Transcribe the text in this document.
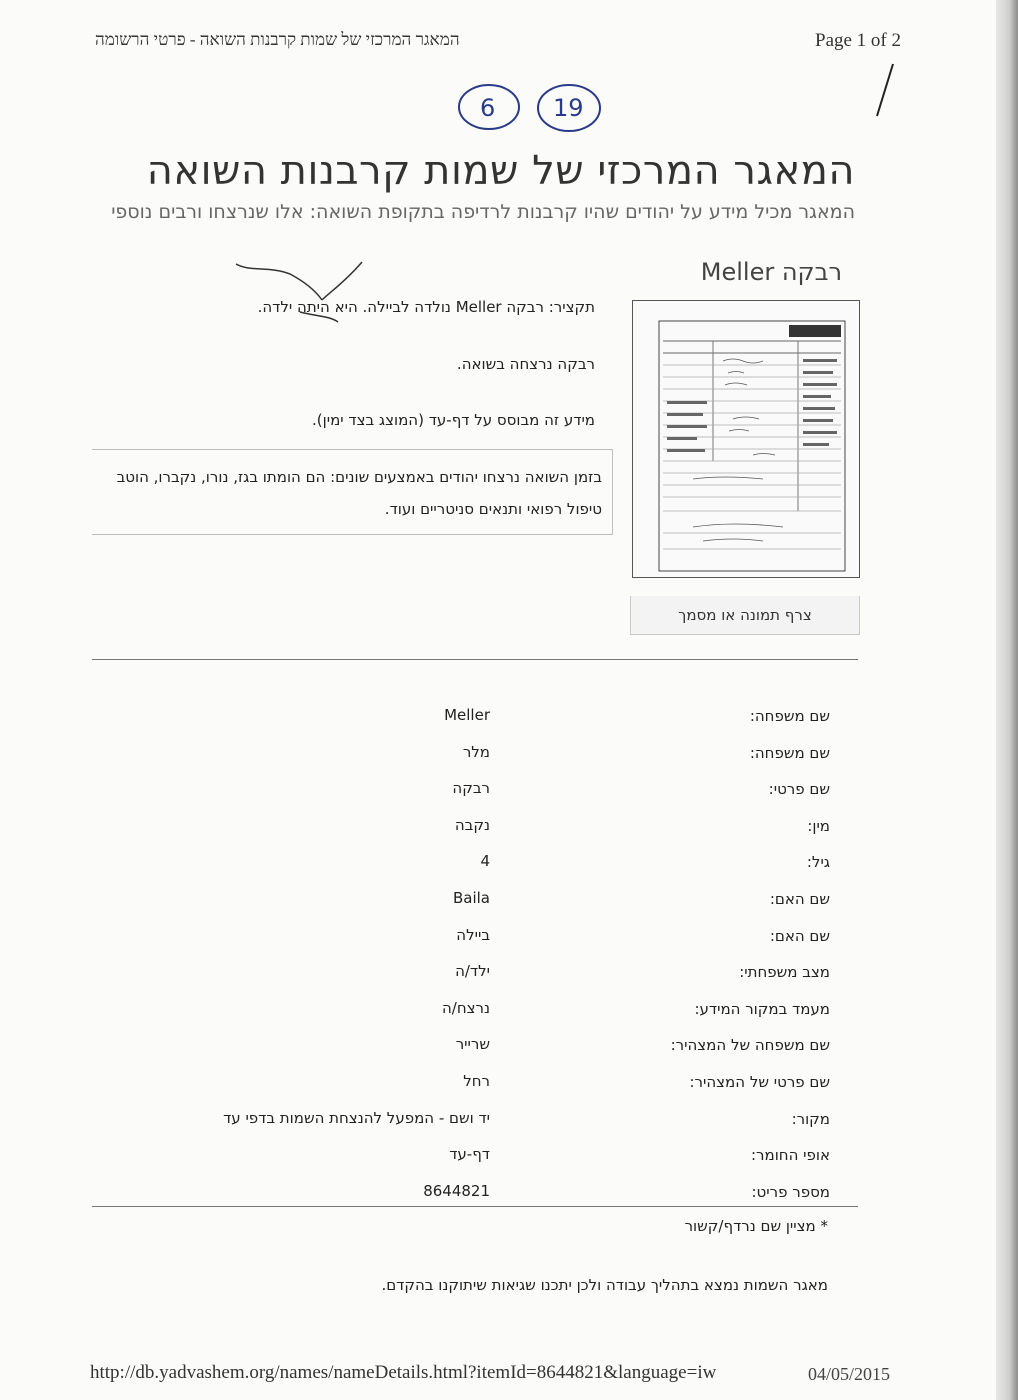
המאגר המרכזי של שמות קרבנות השואה - פרטי הרשומה	Page 1 of 2
6 19
המאגר המרכזי של שמות קרבנות השואה
המאגר מכיל מידע על יהודים שהיו קרבנות לרדיפה בתקופת השואה: אלו שנרצחו ורבים נוספי
רבקה Meller
תקציר: רבקה Meller נולדה לביילה. היא היתה ילדה.
רבקה נרצחה בשואה.
מידע זה מבוסס על דף-עד (המוצג בצד ימין).
בזמן השואה נרצחו יהודים באמצעים שונים: הם הומתו בגז, נורו, נקברו, הוטב
טיפול רפואי ותנאים סניטריים ועוד.
צרף תמונה או מסמך
שם משפחה:
Meller
שם משפחה:
מלר
שם פרטי:
רבקה
מין:
נקבה
גיל:
4
שם האם:
Baila
שם האם:
ביילה
מצב משפחתי:
ילד/ה
מעמד במקור המידע:
נרצח/ה
שם משפחה של המצהיר:
שרייר
שם פרטי של המצהיר:
רחל
מקור:
יד ושם - המפעל להנצחת השמות בדפי עד
אופי החומר:
דף-עד
מספר פריט:
8644821
* מציין שם נרדף/קשור
מאגר השמות נמצא בתהליך עבודה ולכן יתכנו שגיאות שיתוקנו בהקדם.
http://db.yadvashem.org/names/nameDetails.html?itemId=8644821&language=iw	04/05/2015
